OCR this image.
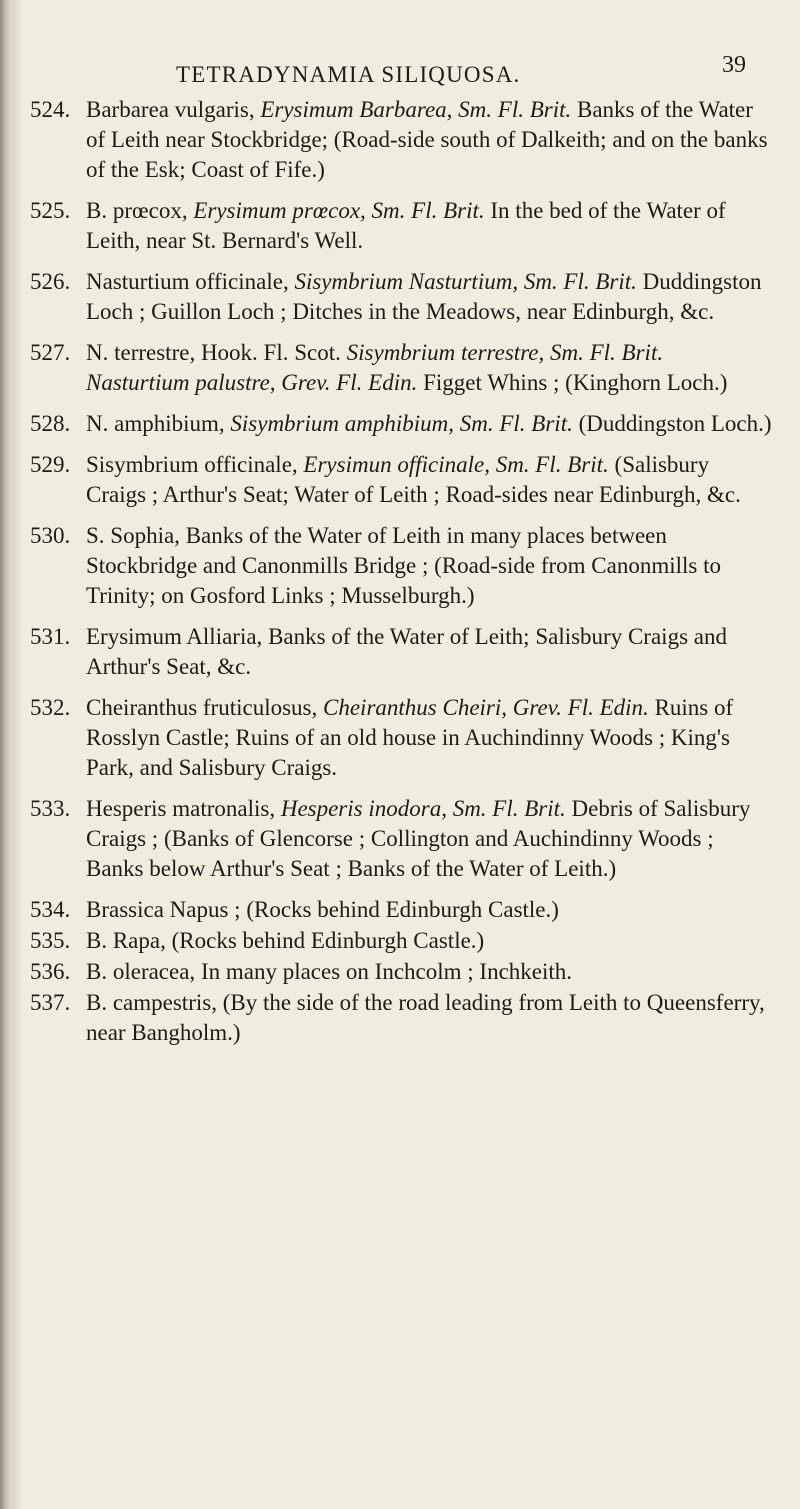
TETRADYNAMIA SILIQUOSA.	39
524. Barbarea vulgaris, Erysimum Barbarea, Sm. Fl. Brit. Banks of the Water of Leith near Stockbridge; (Road-side south of Dalkeith; and on the banks of the Esk; Coast of Fife.)
525. B. prœcox, Erysimum prœcox, Sm. Fl. Brit. In the bed of the Water of Leith, near St. Bernard's Well.
526. Nasturtium officinale, Sisymbrium Nasturtium, Sm. Fl. Brit. Duddingston Loch ; Guillon Loch ; Ditches in the Meadows, near Edinburgh, &c.
527. N. terrestre, Hook. Fl. Scot. Sisymbrium terrestre, Sm. Fl. Brit. Nasturtium palustre, Grev. Fl. Edin. Figget Whins ; (Kinghorn Loch.)
528. N. amphibium, Sisymbrium amphibium, Sm. Fl. Brit. (Duddingston Loch.)
529. Sisymbrium officinale, Erysimun officinale, Sm. Fl. Brit. (Salisbury Craigs ; Arthur's Seat; Water of Leith ; Road-sides near Edinburgh, &c.
530. S. Sophia, Banks of the Water of Leith in many places between Stockbridge and Canonmills Bridge ; (Road-side from Canonmills to Trinity; on Gosford Links ; Musselburgh.)
531. Erysimum Alliaria, Banks of the Water of Leith; Salisbury Craigs and Arthur's Seat, &c.
532. Cheiranthus fruticulosus, Cheiranthus Cheiri, Grev. Fl. Edin. Ruins of Rosslyn Castle; Ruins of an old house in Auchindinny Woods ; King's Park, and Salisbury Craigs.
533. Hesperis matronalis, Hesperis inodora, Sm. Fl. Brit. Debris of Salisbury Craigs ; (Banks of Glencorse ; Collington and Auchindinny Woods ; Banks below Arthur's Seat ; Banks of the Water of Leith.)
534. Brassica Napus ; (Rocks behind Edinburgh Castle.)
535. B. Rapa, (Rocks behind Edinburgh Castle.)
536. B. oleracea, In many places on Inchcolm ; Inchkeith.
537. B. campestris, (By the side of the road leading from Leith to Queensferry, near Bangholm.)
